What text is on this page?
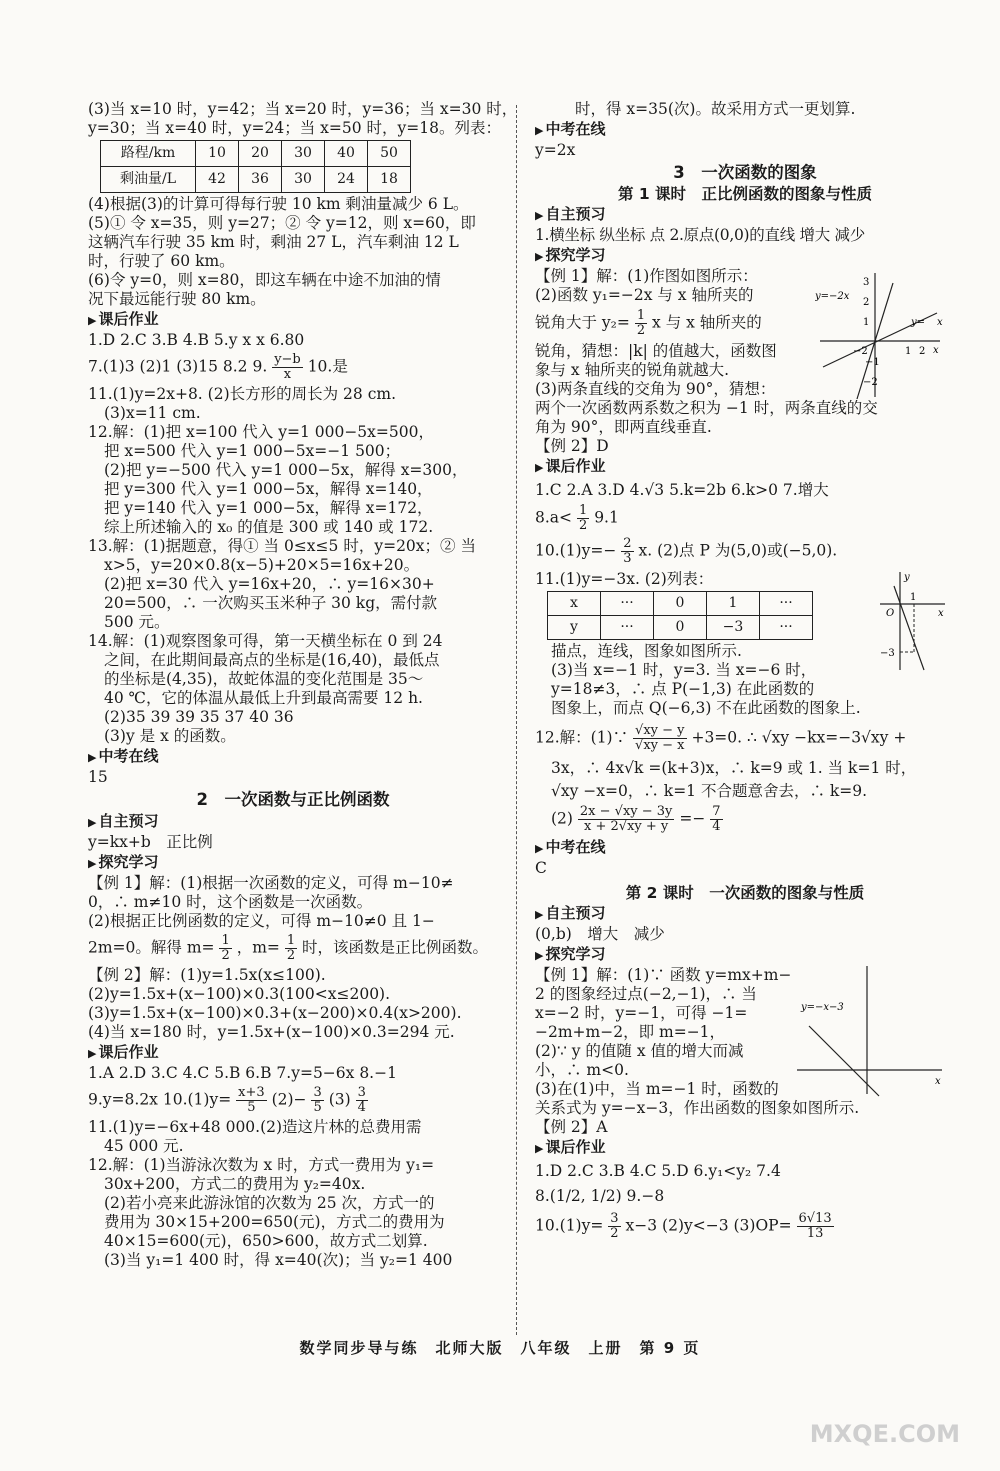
(3)当 x=10 时，y=42；当 x=20 时，y=36；当 x=30 时，

y=30；当 x=40 时，y=24；当 x=50 时，y=18。列表：

路程/km	10	20	30	40	50
剩油量/L	42	36	30	24	18

(4)根据(3)的计算可得每行驶 10 km 剩油量减少 6 L。

(5)① 令 x=35，则 y=27；② 令 y=12，则 x=60，即

这辆汽车行驶 35 km 时，剩油 27 L，汽车剩油 12 L

时，行驶了 60 km。

(6)令 y=0，则 x=80，即这车辆在中途不加油的情

况下最远能行驶 80 km。

▶ 课后作业

1.D 2.C 3.B 4.B 5.y x x 6.80

7.(1)3 (2)1 (3)15 8.2 9. $\frac{y-b}{x} 10$.是

11.(1)y=2x+8. (2)长方形的周长为 28 cm.

(3)x=11 cm.

12.解：(1)把 x=100 代入 y=1 000−5x=500，

把 x=500 代入 y=1 000−5x=−1 500；

(2)把 y=−500 代入 y=1 000−5x，解得 x=300，

把 y=300 代入 y=1 000−5x，解得 x=140，

把 y=140 代入 y=1 000−5x，解得 x=172，

综上所述输入的 x₀ 的值是 300 或 140 或 172.

13.解：(1)据题意，得① 当 0≤x≤5 时，y=20x；② 当

x>5，y=20×0.8(x−5)+20×5=16x+20。

(2)把 x=30 代入 y=16x+20，∴ y=16×30+

20=500，∴ 一次购买玉米种子 30 kg，需付款

500 元。

14.解：(1)观察图象可得，第一天横坐标在 0 到 24

之间，在此期间最高点的坐标是(16,40)，最低点

的坐标是(4,35)，故蛇体温的变化范围是 35～

40 ℃，它的体温从最低上升到最高需要 12 h.

(2)35 39 39 35 37 40 36

(3)y 是 x 的函数。

▶ 中考在线

15

2　一次函数与正比例函数

▶ 自主预习

y=kx+b　正比例

▶ 探究学习

【例 1】解：(1)根据一次函数的定义，可得 m−10≠

0，∴ m≠10 时，这个函数是一次函数。

(2)根据正比例函数的定义，可得 m−10≠0 且 1−

2m=0。解得 $m= \frac{1}{2}$ ，$m= \frac{1}{2}$ 时，该函数是正比例函数。

【例 2】解：(1)y=1.5x(x≤100).

(2)y=1.5x+(x−100)×0.3(100<x≤200).

(3)y=1.5x+(x−100)×0.3+(x−200)×0.4(x>200).

(4)当 x=180 时，y=1.5x+(x−100)×0.3=294 元.

▶ 课后作业

1.A 2.D 3.C 4.C 5.B 6.B 7.y=5−6x 8.−1

9.y=8.2x $10.(1)y= \frac{x+3}{5} (2)- \frac{3}{5} (3) \frac{3}{4}$

11.(1)y=−6x+48 000.(2)造这片林的总费用需

45 000 元.

12.解：(1)当游泳次数为 x 时，方式一费用为 y₁=

30x+200，方式二的费用为 y₂=40x.

(2)若小亮来此游泳馆的次数为 25 次，方式一的

费用为 30×15+200=650(元)，方式二的费用为

40×15=600(元)，650>600，故方式二划算.

(3)当 y₁=1 400 时，得 x=40(次)；当 y₂=1 400

时，得 x=35(次)。故采用方式一更划算.

▶ 中考在线

y=2x

3　一次函数的图象

第 1 课时　正比例函数的图象与性质

▶ 自主预习

1.横坐标 纵坐标 点 2.原点(0,0)的直线 增大 减少

▶ 探究学习

3
2
1
−2
−1
−2
1 2 x
y=−2x
y= x

【例 1】解：(1)作图如图所示：

(2)函数 y₁=−2x 与 x 轴所夹的

锐角大于 $y_2= \frac{1}{2}$ x 与 x 轴所夹的

锐角，猜想：|k| 的值越大，函数图

象与 x 轴所夹的锐角就越大.

(3)两条直线的交角为 90°，猜想：

两个一次函数两系数之积为 −1 时，两条直线的交

角为 90°，即两直线垂直.

【例 2】D

▶ 课后作业

1.C 2.A 3.D 4.√3 5.k=2b 6.k>0 7.增大

$8.a< \frac{1}{2} 9.1$

$10.(1)y=- \frac{2}{3} x$. (2)点 P 为(5,0)或(−5,0).

O
1
−3
x
y

11.(1)y=−3x. (2)列表：

x	···	0	1	···
y	···	0	−3	···

描点，连线，图象如图所示.

(3)当 x=−1 时，y=3. 当 x=−6 时，

y=18≠3，∴ 点 P(−1,3) 在此函数的

图象上，而点 Q(−6,3) 不在此函数的图象上.

12.解：(1)∵ $\frac{√xy - y}{√xy - x} +3=0$. ∴ √xy −kx=−3√xy +

3x，∴ 4x√k =(k+3)x，∴ k=9 或 1. 当 k=1 时，

√xy −x=0，∴ k=1 不合题意舍去，∴ k=9.

$(2) \frac{2x - √xy - 3y}{x + 2√xy + y} =- \frac{7}{4}$

▶ 中考在线

C

第 2 课时　一次函数的图象与性质

▶ 自主预习

(0,b)　增大　减少

▶ 探究学习

y=−x−3
x

【例 1】解：(1)∵ 函数 y=mx+m−

2 的图象经过点(−2,−1)，∴ 当

x=−2 时，y=−1，可得 −1=

−2m+m−2，即 m=−1，

(2)∵ y 的值随 x 值的增大而减

小，∴ m<0.

(3)在(1)中，当 m=−1 时，函数的

关系式为 y=−x−3，作出函数的图象如图所示.

【例 2】A

▶ 课后作业

1.D 2.C 3.B 4.C 5.D 6.y₁<y₂ 7.4

8.(1/2, 1/2) 9.−8

$10.(1)y= \frac{3}{2} x-3$ (2)y<−3 $(3)OP= \frac{6√13}{13}$

数学同步导与练　北师大版　八年级　上册　第 9 页
MXQE.COM
